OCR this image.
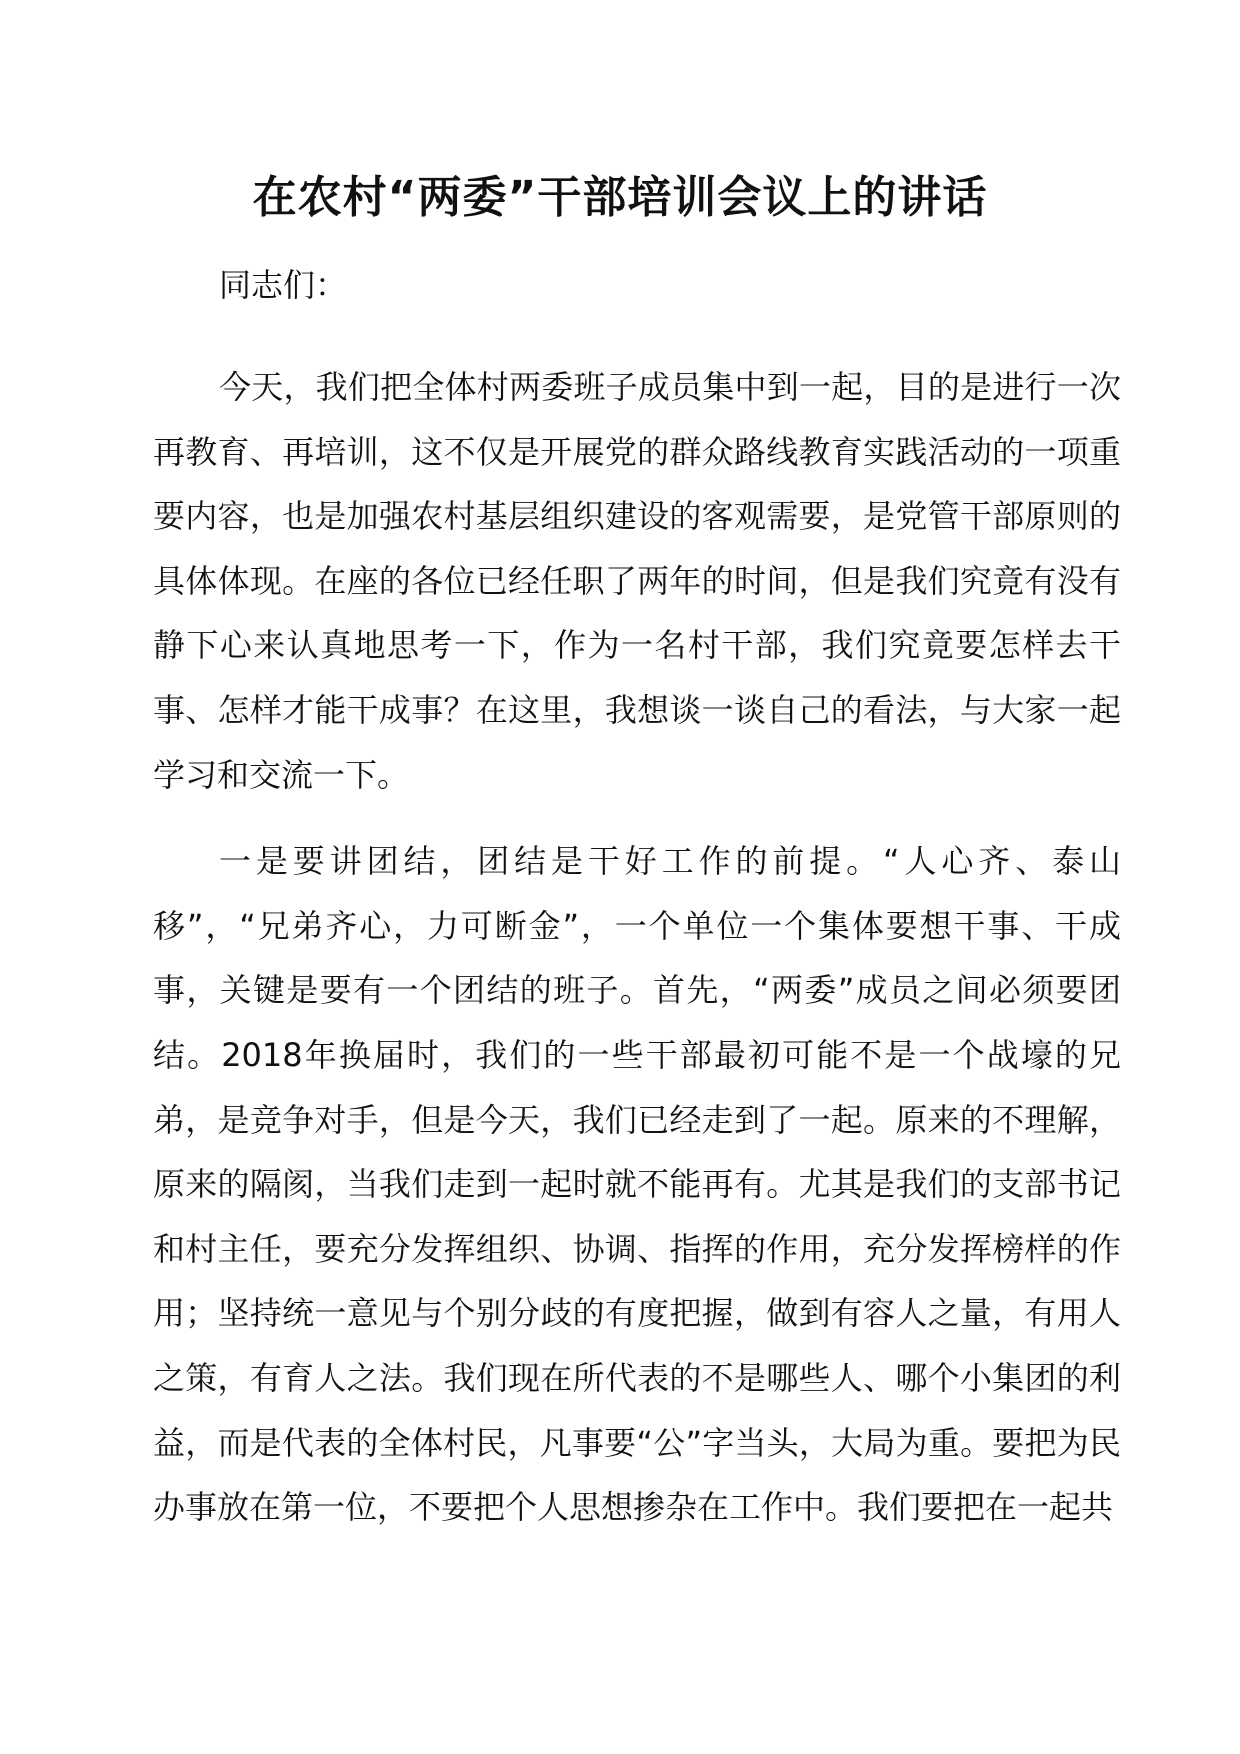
在农村“两委”干部培训会议上的讲话

同志们：

今天，我们把全体村两委班子成员集中到一起，目的是进行一次再教育、再培训，这不仅是开展党的群众路线教育实践活动的一项重要内容，也是加强农村基层组织建设的客观需要，是党管干部原则的具体体现。在座的各位已经任职了两年的时间，但是我们究竟有没有静下心来认真地思考一下，作为一名村干部，我们究竟要怎样去干事、怎样才能干成事？在这里，我想谈一谈自己的看法，与大家一起学习和交流一下。

一是要讲团结，团结是干好工作的前提。“人心齐、泰山移”，“兄弟齐心，力可断金”，一个单位一个集体要想干事、干成事，关键是要有一个团结的班子。首先，“两委”成员之间必须要团结。2018年换届时，我们的一些干部最初可能不是一个战壕的兄弟，是竞争对手，但是今天，我们已经走到了一起。原来的不理解，原来的隔阂，当我们走到一起时就不能再有。尤其是我们的支部书记和村主任，要充分发挥组织、协调、指挥的作用，充分发挥榜样的作用；坚持统一意见与个别分歧的有度把握，做到有容人之量，有用人之策，有育人之法。我们现在所代表的不是哪些人、哪个小集团的利益，而是代表的全体村民，凡事要“公”字当头，大局为重。要把为民办事放在第一位，不要把个人思想掺杂在工作中。我们要把在一起共
